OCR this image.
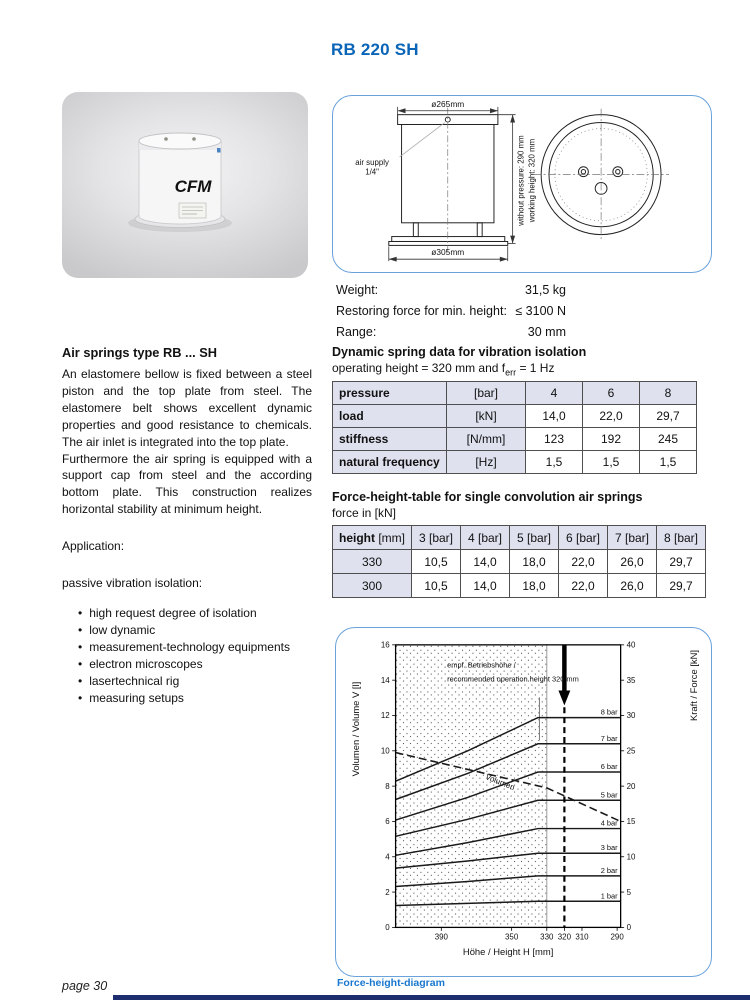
RB 220 SH
CFM
ø265mm
air supply
1/4"
ø305mm
without pressure: 290 mm working height: 320 mm
Weight:	31,5 kg
Restoring force for min. height: ≤ 3100 N
Range:	30 mm
Dynamic spring data for vibration isolation
operating height = 320 mm and $f_{err} = 1$ Hz
pressure	[bar]	4	6	8
load	[kN]	14,0	22,0	29,7
stiffness	[N/mm]	123	192	245
natural frequency	[Hz]	1,5	1,5	1,5
Force-height-table for single convolution air springs
force in [kN]
height [mm]	3 [bar]	4 [bar]	5 [bar]	6 [bar]	7 [bar]	8 [bar]
330	10,5	14,0	18,0	22,0	26,0	29,7
300	10,5	14,0	18,0	22,0	26,0	29,7
Air springs type RB ... SH

An elastomere bellow is fixed between a steel piston and the top plate from steel. The elastomere belt shows excellent dynamic properties and good resistance to chemicals. The air inlet is integrated into the top plate.

Furthermore the air spring is equipped with a support cap from steel and the according bottom plate. This construction realizes horizontal stability at minimum height.

Application:
passive vibration isolation:
• high request degree of isolation
• low dynamic
• measurement-technology equipments
• electron microscopes
• lasertechnical rig
• measuring setups
Volumen
1 bar
2 bar
3 bar
4 bar
5 bar
6 bar
7 bar
8 bar
0
2
4
6
8
10
12
14
16
0
5
10
15
20
25
30
35
40
390	350	330 320 310	290
Höhe / Height H [mm]
Volumen / Volume V [l]	Kraft / Force [kN]
empf. Betriebshöhe /
recommended operation height 320 mm
Force-height-diagram
page 30
